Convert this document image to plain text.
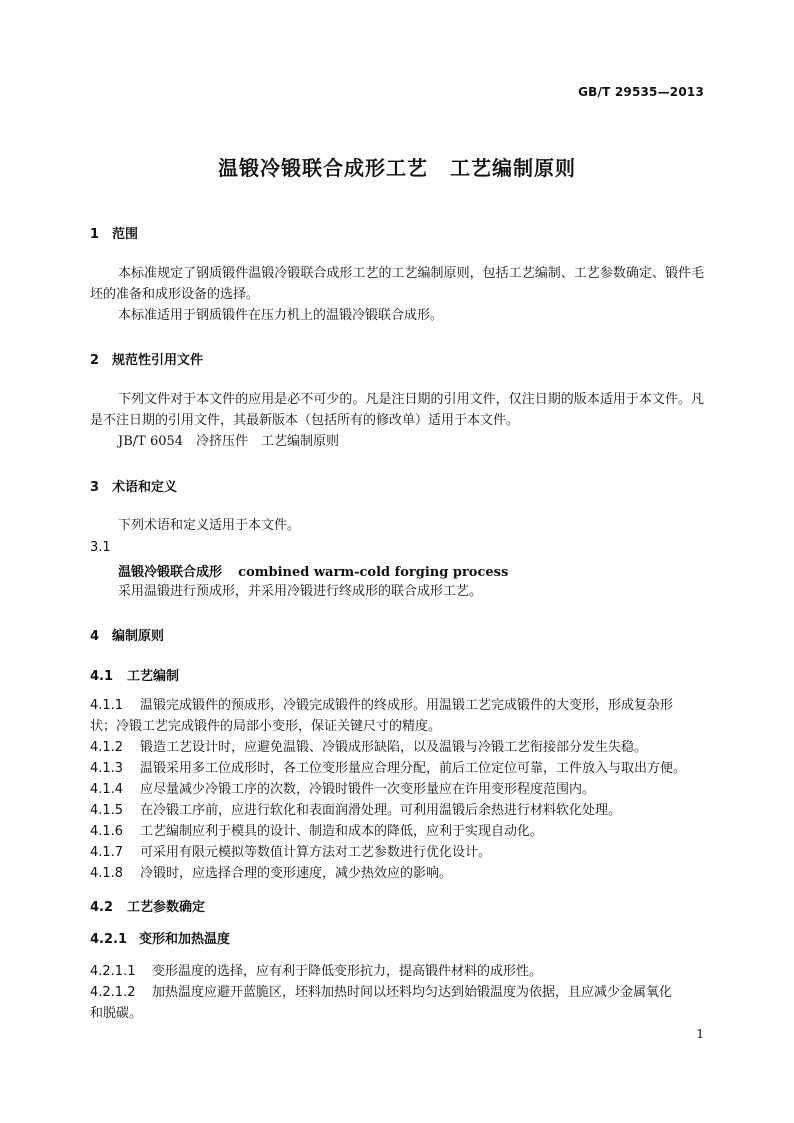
GB/T 29535—2013
温锻冷锻联合成形工艺 工艺编制原则
1 范围
本标准规定了钢质锻件温锻冷锻联合成形工艺的工艺编制原则，包括工艺编制、工艺参数确定、锻件毛坯的准备和成形设备的选择。
本标准适用于钢质锻件在压力机上的温锻冷锻联合成形。
2 规范性引用文件
下列文件对于本文件的应用是必不可少的。凡是注日期的引用文件，仅注日期的版本适用于本文件。凡是不注日期的引用文件，其最新版本（包括所有的修改单）适用于本文件。
JB/T 6054　冷挤压件　工艺编制原则
3 术语和定义
下列术语和定义适用于本文件。
3.1
温锻冷锻联合成形 combined warm-cold forging process
采用温锻进行预成形，并采用冷锻进行终成形的联合成形工艺。
4 编制原则
4.1 工艺编制
4.1.1 温锻完成锻件的预成形，冷锻完成锻件的终成形。用温锻工艺完成锻件的大变形，形成复杂形
状；冷锻工艺完成锻件的局部小变形，保证关键尺寸的精度。
4.1.2 锻造工艺设计时，应避免温锻、冷锻成形缺陷，以及温锻与冷锻工艺衔接部分发生失稳。
4.1.3 温锻采用多工位成形时，各工位变形量应合理分配，前后工位定位可靠，工件放入与取出方便。
4.1.4 应尽量减少冷锻工序的次数，冷锻时锻件一次变形量应在许用变形程度范围内。
4.1.5 在冷锻工序前，应进行软化和表面润滑处理。可利用温锻后余热进行材料软化处理。
4.1.6 工艺编制应利于模具的设计、制造和成本的降低，应利于实现自动化。
4.1.7 可采用有限元模拟等数值计算方法对工艺参数进行优化设计。
4.1.8 冷锻时，应选择合理的变形速度，减少热效应的影响。
4.2 工艺参数确定
4.2.1 变形和加热温度
4.2.1.1 变形温度的选择，应有利于降低变形抗力，提高锻件材料的成形性。
4.2.1.2 加热温度应避开蓝脆区，坯料加热时间以坯料均匀达到始锻温度为依据，且应减少金属氧化
和脱碳。
1
